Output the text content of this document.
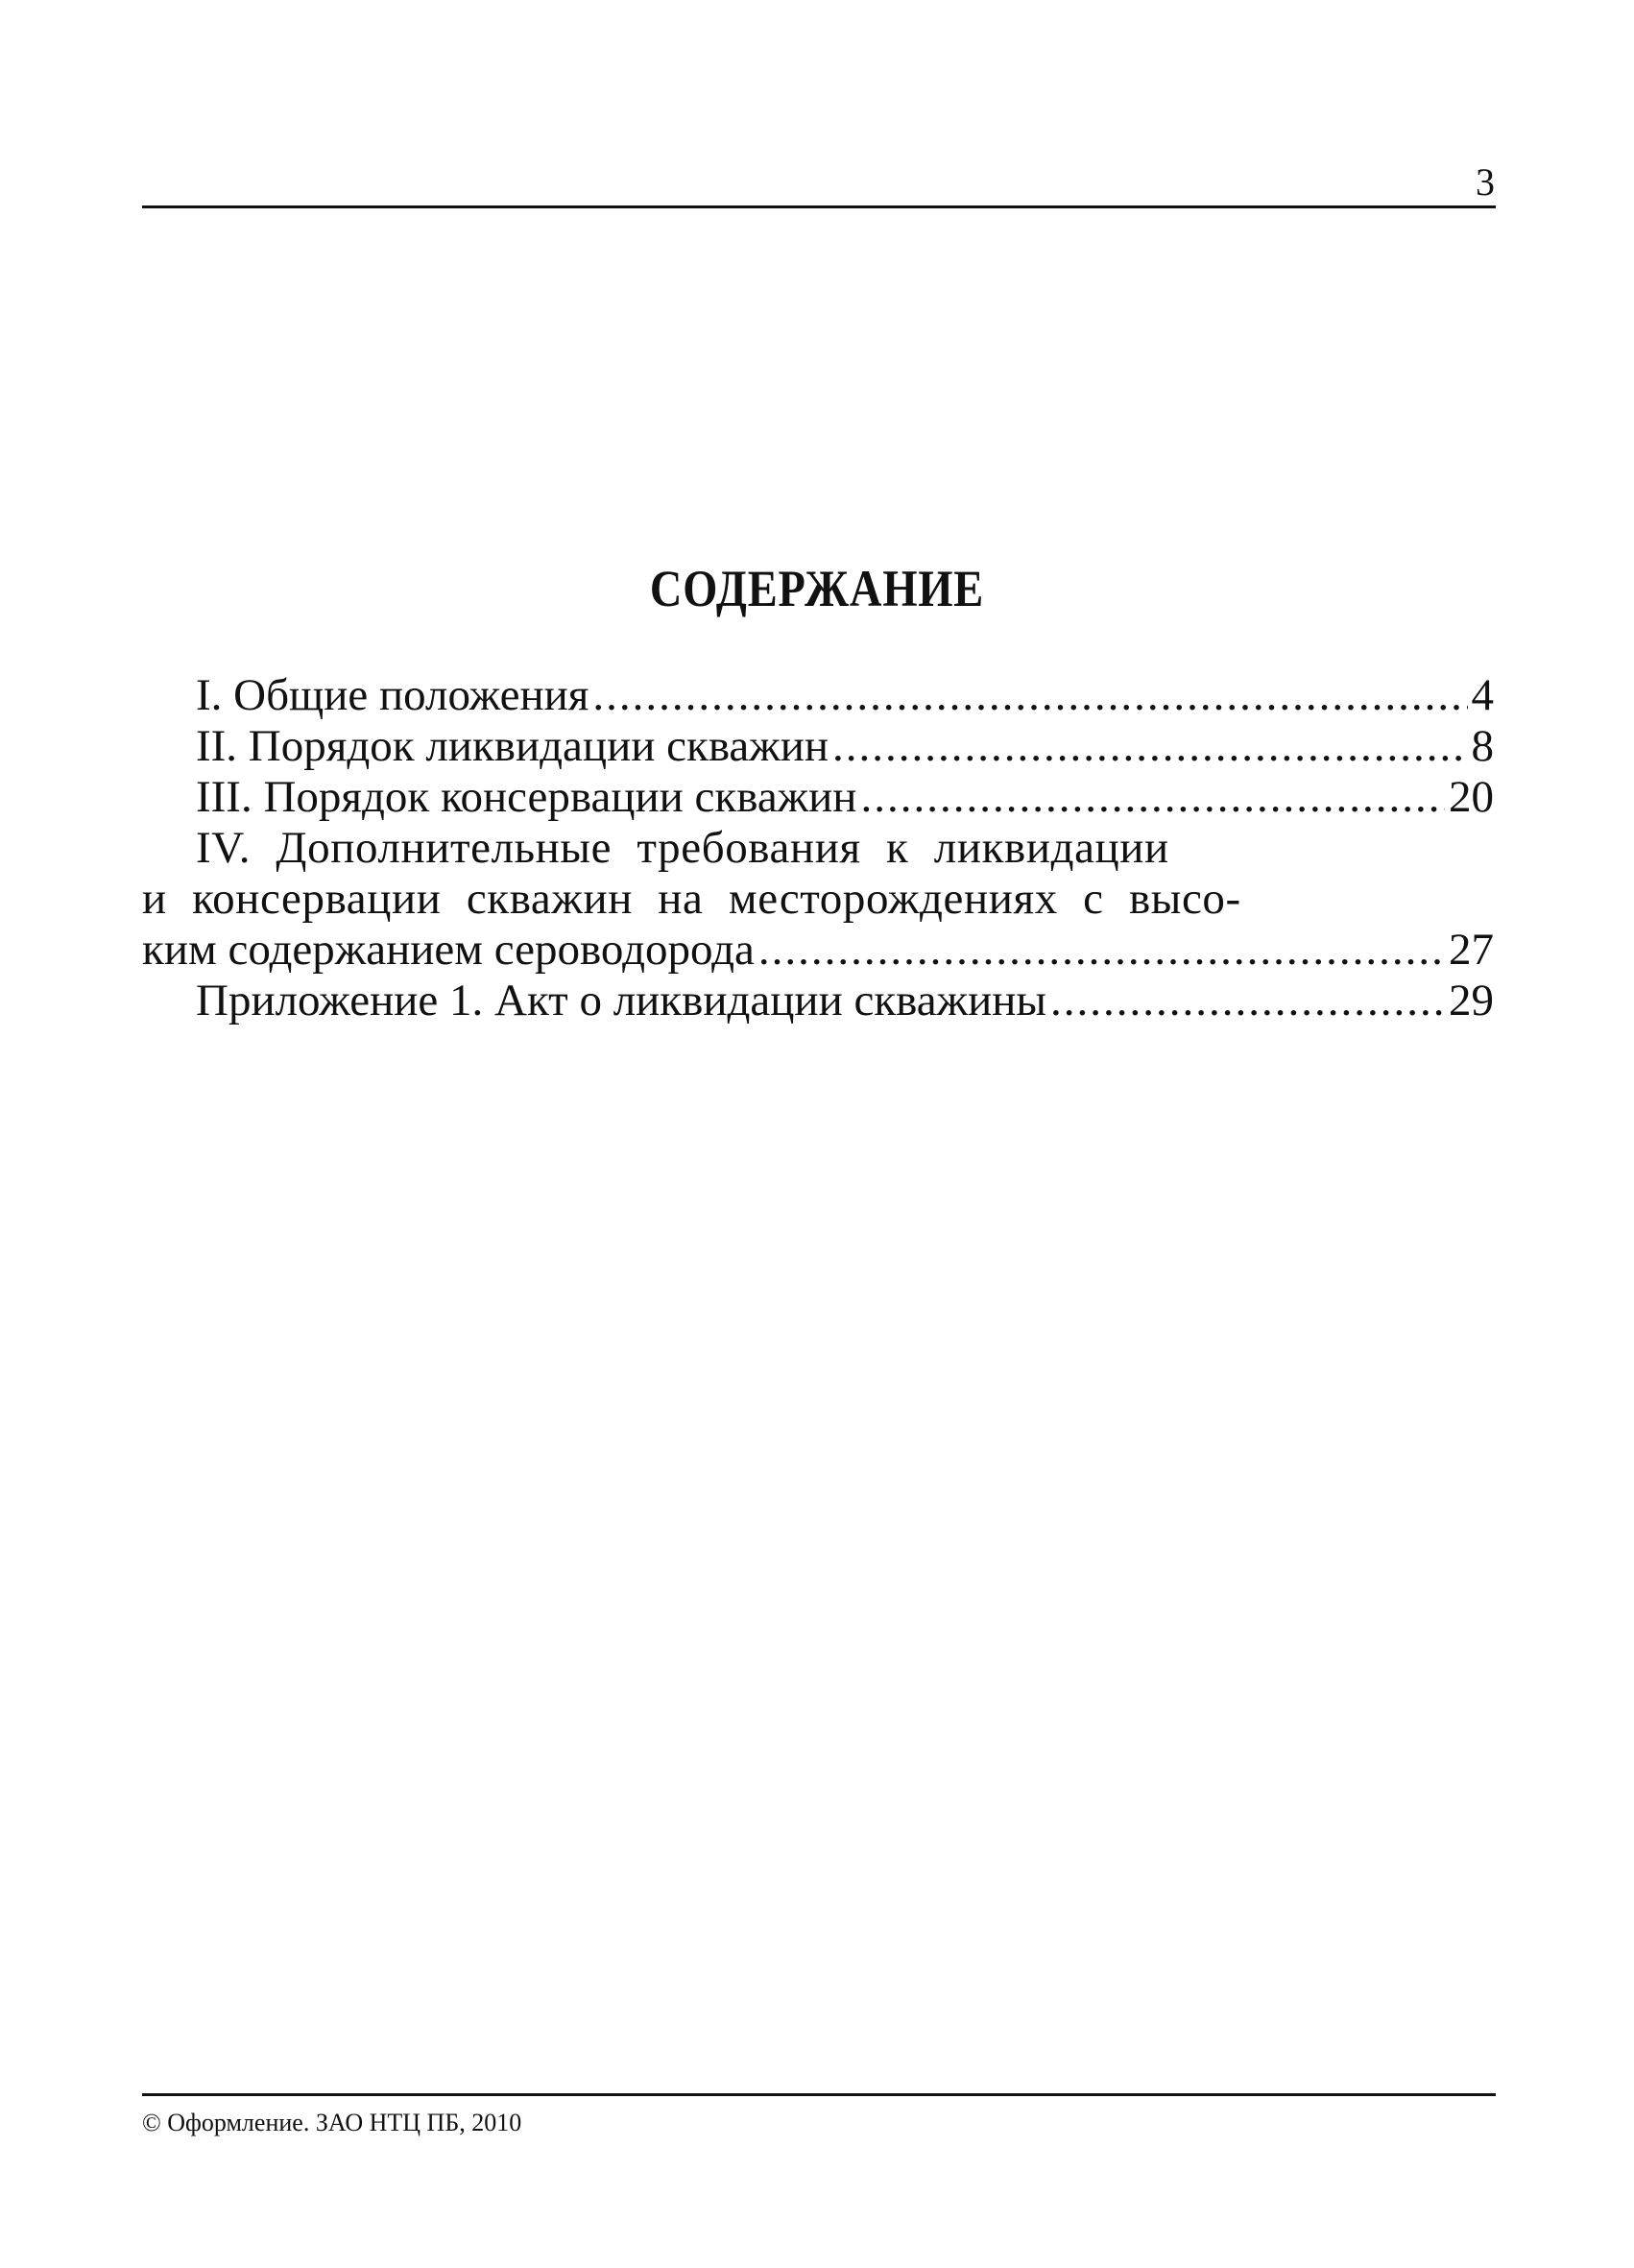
3
СОДЕРЖАНИЕ
I. Общие положения .....	4
II. Порядок ликвидации скважин .....	8
III. Порядок консервации скважин .....	20
IV. Дополнительные требования к ликвидации
и консервации скважин на месторождениях с высо-
ким содержанием сероводорода .....	27
Приложение 1. Акт о ликвидации скважины .....	29
© Оформление. ЗАО НТЦ ПБ, 2010
